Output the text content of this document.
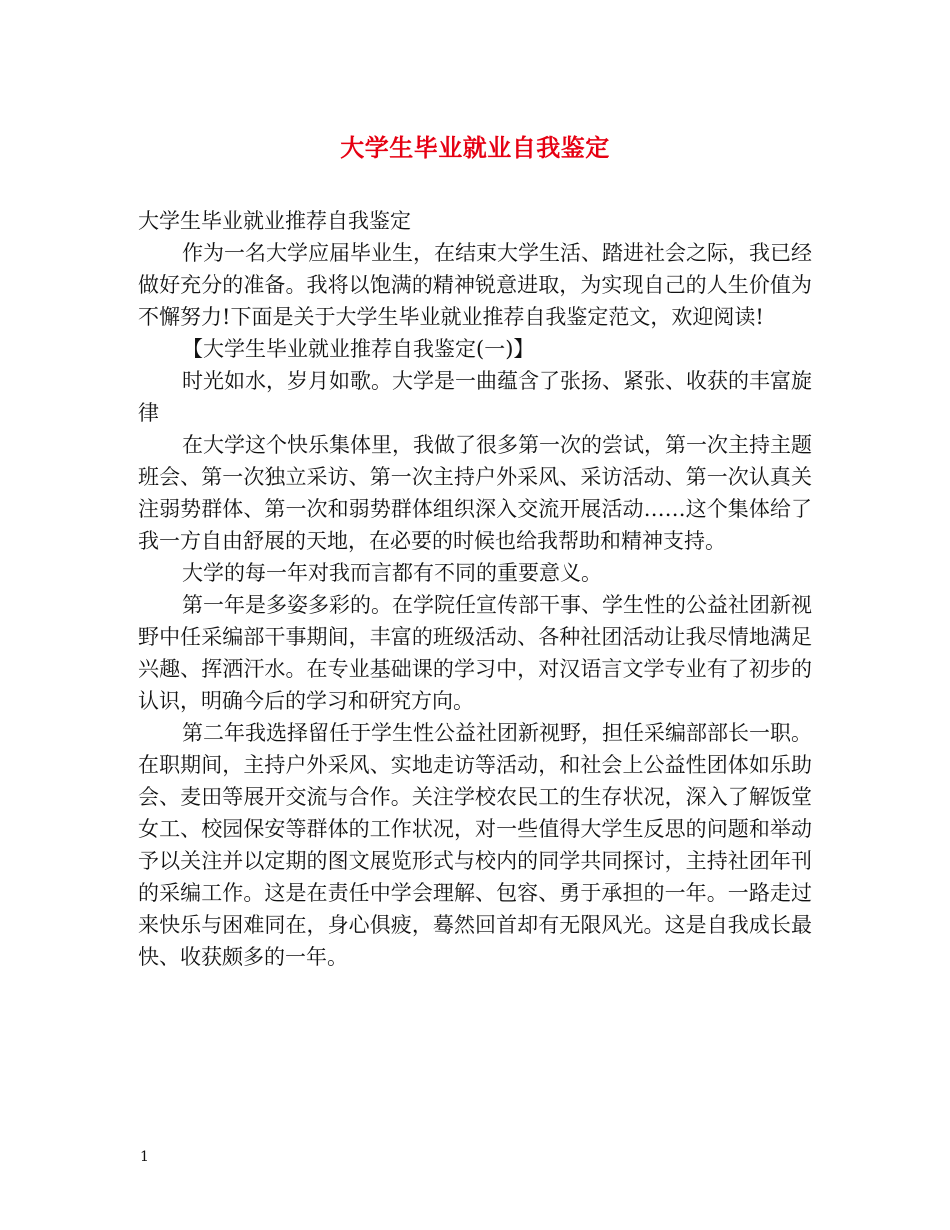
大学生毕业就业自我鉴定

大学生毕业就业推荐自我鉴定

作为一名大学应届毕业生，在结束大学生活、踏进社会之际，我已经做好充分的准备。我将以饱满的精神锐意进取，为实现自己的人生价值为不懈努力!下面是关于大学生毕业就业推荐自我鉴定范文，欢迎阅读!

【大学生毕业就业推荐自我鉴定(一)】

时光如水，岁月如歌。大学是一曲蕴含了张扬、紧张、收获的丰富旋律

在大学这个快乐集体里，我做了很多第一次的尝试，第一次主持主题班会、第一次独立采访、第一次主持户外采风、采访活动、第一次认真关注弱势群体、第一次和弱势群体组织深入交流开展活动……这个集体给了我一方自由舒展的天地，在必要的时候也给我帮助和精神支持。

大学的每一年对我而言都有不同的重要意义。

第一年是多姿多彩的。在学院任宣传部干事、学生性的公益社团新视野中任采编部干事期间，丰富的班级活动、各种社团活动让我尽情地满足兴趣、挥洒汗水。在专业基础课的学习中，对汉语言文学专业有了初步的认识，明确今后的学习和研究方向。

第二年我选择留任于学生性公益社团新视野，担任采编部部长一职。在职期间，主持户外采风、实地走访等活动，和社会上公益性团体如乐助会、麦田等展开交流与合作。关注学校农民工的生存状况，深入了解饭堂女工、校园保安等群体的工作状况，对一些值得大学生反思的问题和举动予以关注并以定期的图文展览形式与校内的同学共同探讨，主持社团年刊的采编工作。这是在责任中学会理解、包容、勇于承担的一年。一路走过来快乐与困难同在，身心俱疲，蓦然回首却有无限风光。这是自我成长最快、收获颇多的一年。

1
